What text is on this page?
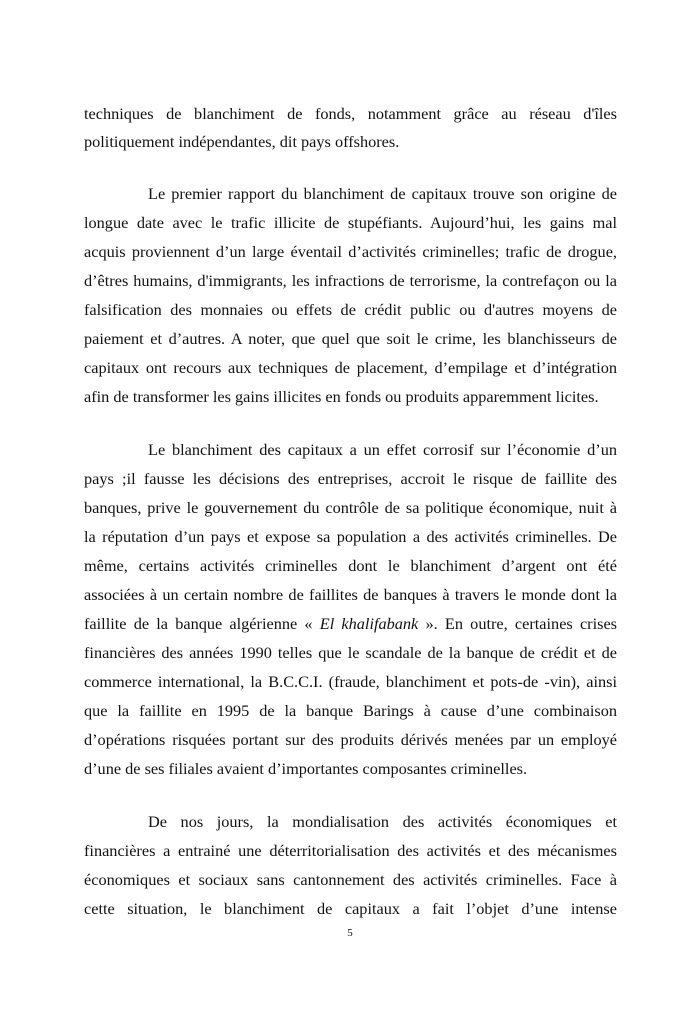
techniques de blanchiment de fonds, notamment grâce au réseau d'îles
politiquement indépendantes, dit pays offshores.
Le premier rapport du blanchiment de capitaux trouve son origine de
longue date avec le trafic illicite de stupéfiants. Aujourd’hui, les gains mal
acquis proviennent d’un large éventail d’activités criminelles; trafic de drogue,
d’êtres humains, d'immigrants, les infractions de terrorisme, la contrefaçon ou la
falsification des monnaies ou effets de crédit public ou d'autres moyens de
paiement et d’autres. A noter, que quel que soit le crime, les blanchisseurs de
capitaux ont recours aux techniques de placement, d’empilage et d’intégration
afin de transformer les gains illicites en fonds ou produits apparemment licites.
Le blanchiment des capitaux a un effet corrosif sur l’économie d’un
pays ;il fausse les décisions des entreprises, accroit le risque de faillite des
banques, prive le gouvernement du contrôle de sa politique économique, nuit à
la réputation d’un pays et expose sa population a des activités criminelles. De
même, certains activités criminelles dont le blanchiment d’argent ont été
associées à un certain nombre de faillites de banques à travers le monde dont la
faillite de la banque algérienne « El khalifabank ». En outre, certaines crises
financières des années 1990 telles que le scandale de la banque de crédit et de
commerce international, la B.C.C.I. (fraude, blanchiment et pots-de -vin), ainsi
que la faillite en 1995 de la banque Barings à cause d’une combinaison
d’opérations risquées portant sur des produits dérivés menées par un employé
d’une de ses filiales avaient d’importantes composantes criminelles.
De nos jours, la mondialisation des activités économiques et
financières a entrainé une déterritorialisation des activités et des mécanismes
économiques et sociaux sans cantonnement des activités criminelles. Face à
cette situation, le blanchiment de capitaux a fait l’objet d’une intense
5
